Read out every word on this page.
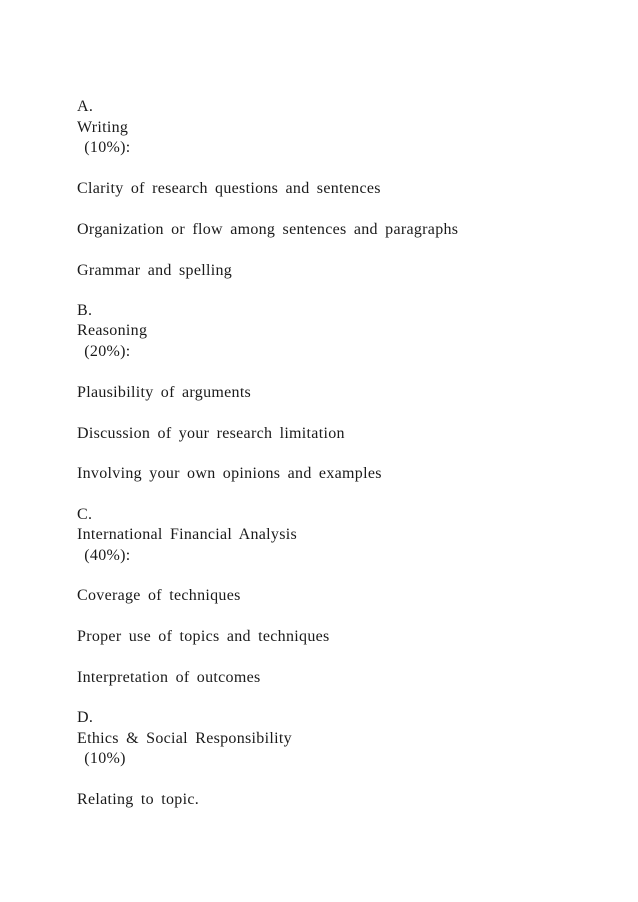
A.
Writing
(10%):
Clarity of research questions and sentences
Organization or flow among sentences and paragraphs
Grammar and spelling
B.
Reasoning
(20%):
Plausibility of arguments
Discussion of your research limitation
Involving your own opinions and examples
C.
International Financial Analysis
(40%):
Coverage of techniques
Proper use of topics and techniques
Interpretation of outcomes
D.
Ethics & Social Responsibility
(10%)
Relating to topic.
